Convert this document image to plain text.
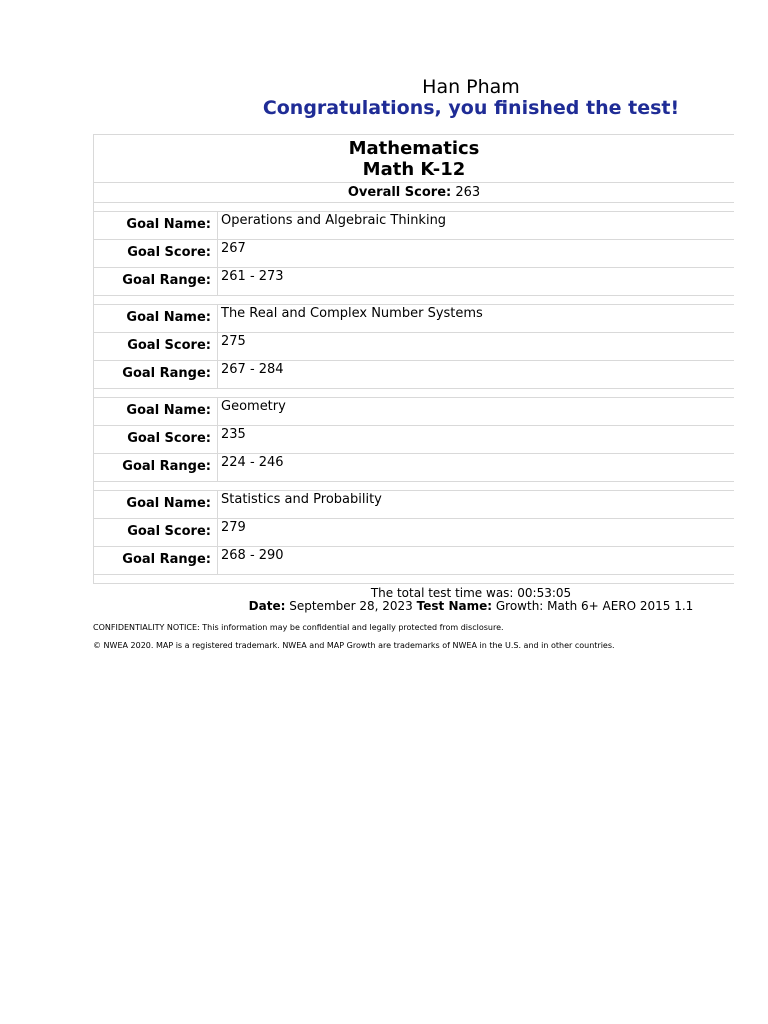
Han Pham
Congratulations, you finished the test!
Mathematics
Math K-12
Overall Score: 263
Goal Name: Operations and Algebraic Thinking
Goal Score: 267
Goal Range: 261 - 273
Goal Name: The Real and Complex Number Systems
Goal Score: 275
Goal Range: 267 - 284
Goal Name: Geometry
Goal Score: 235
Goal Range: 224 - 246
Goal Name: Statistics and Probability
Goal Score: 279
Goal Range: 268 - 290
The total test time was: 00:53:05
Date: September 28, 2023 Test Name: Growth: Math 6+ AERO 2015 1.1
CONFIDENTIALITY NOTICE: This information may be confidential and legally protected from disclosure.
© NWEA 2020. MAP is a registered trademark. NWEA and MAP Growth are trademarks of NWEA in the U.S. and in other countries.
